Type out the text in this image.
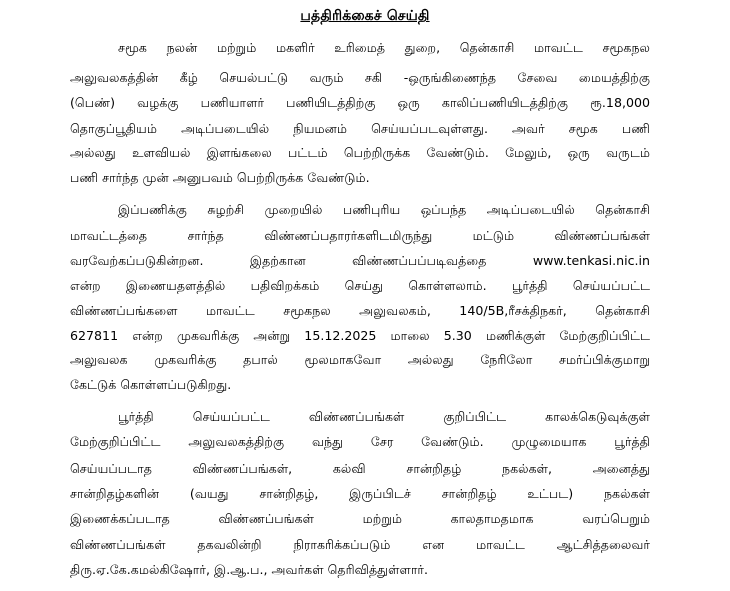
பத்திரிக்கைச் செய்தி
சமூக நலன் மற்றும் மகளிர் உரிமைத் துறை, தென்காசி மாவட்ட சமூகநல
அலுவலகத்தின் கீழ் செயல்பட்டு வரும் சகி -ஒருங்கிணைந்த சேவை மையத்திற்கு
(பெண்) வழக்கு பணியாளர் பணியிடத்திற்கு ஒரு காலிப்பணியிடத்திற்கு ரூ.18,000
தொகுப்பூதியம் அடிப்படையில் நியமனம் செய்யப்படவுள்ளது. அவர் சமூக பணி
அல்லது உளவியல் இளங்கலை பட்டம் பெற்றிருக்க வேண்டும். மேலும், ஒரு வருடம்
பணி சார்ந்த முன் அனுபவம் பெற்றிருக்க வேண்டும்.
இப்பணிக்கு சுழற்சி முறையில் பணிபுரிய ஒப்பந்த அடிப்படையில் தென்காசி
மாவட்டத்தை சார்ந்த விண்ணப்பதாரர்களிடமிருந்து மட்டும் விண்ணப்பங்கள்
வரவேற்கப்படுகின்றன. இதற்கான விண்ணப்பப்படிவத்தை www.tenkasi.nic.in
என்ற இணையதளத்தில் பதிவிறக்கம் செய்து கொள்ளலாம். பூர்த்தி செய்யப்பட்ட
விண்ணப்பங்களை மாவட்ட சமூகநல அலுவலகம், 140/5B,ரீசக்திநகர், தென்காசி
627811 என்ற முகவரிக்கு அன்று 15.12.2025 மாலை 5.30 மணிக்குள் மேற்குறிப்பிட்ட
அலுவலக முகவரிக்கு தபால் மூலமாகவோ அல்லது நேரிலோ சமர்ப்பிக்குமாறு
கேட்டுக் கொள்ளப்படுகிறது.
பூர்த்தி செய்யப்பட்ட விண்ணப்பங்கள் குறிப்பிட்ட காலக்கெடுவுக்குள்
மேற்குறிப்பிட்ட அலுவலகத்திற்கு வந்து சேர வேண்டும். முழுமையாக பூர்த்தி
செய்யப்படாத விண்ணப்பங்கள், கல்வி சான்றிதழ் நகல்கள், அனைத்து
சான்றிதழ்களின் (வயது சான்றிதழ், இருப்பிடச் சான்றிதழ் உட்பட) நகல்கள்
இணைக்கப்படாத விண்ணப்பங்கள் மற்றும் காலதாமதமாக வரப்பெறும்
விண்ணப்பங்கள் தகவலின்றி நிராகரிக்கப்படும் என மாவட்ட ஆட்சித்தலைவர்
திரு.ஏ.கே.கமல்கிஷோர், இ.ஆ.ப., அவர்கள் தெரிவித்துள்ளார்.
